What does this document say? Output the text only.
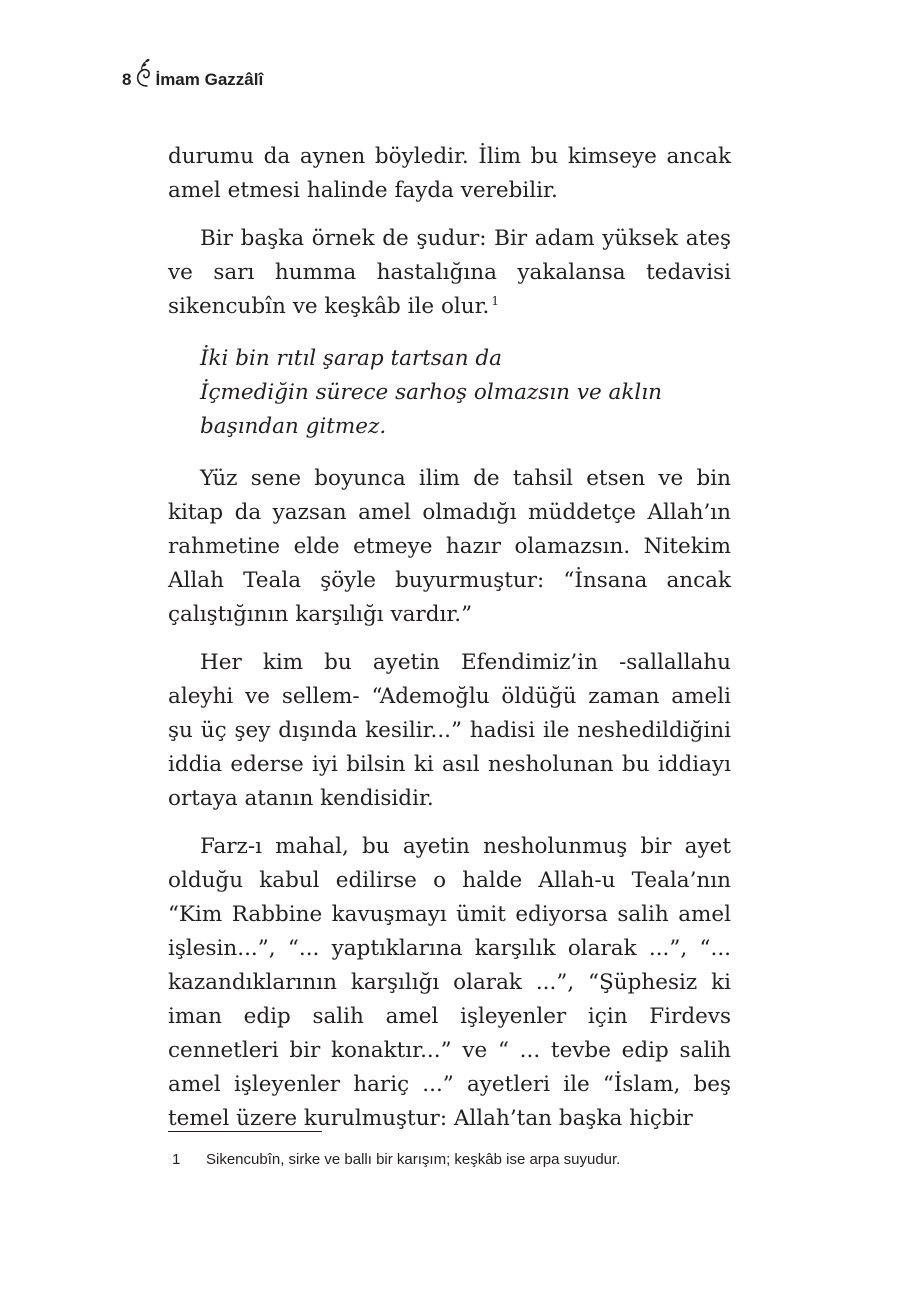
8 İmam Gazzâlî

durumu da aynen böyledir. İlim bu kimseye ancak amel etmesi halinde fayda verebilir.

Bir başka örnek de şudur: Bir adam yüksek ateş ve sarı humma hastalığına yakalansa tedavisi sikencubîn ve keşkâb ile olur. $^1$

İki bin rıtıl şarap tartsan da
İçmediğin sürece sarhoş olmazsın ve aklın
başından gitmez.

Yüz sene boyunca ilim de tahsil etsen ve bin kitap da yazsan amel olmadığı müddetçe Allah’ın rahmetine elde etmeye hazır olamazsın. Nitekim Allah Teala şöyle buyurmuştur: “İnsana ancak çalıştığının karşılığı vardır.”

Her kim bu ayetin Efendimiz’in -sallallahu aleyhi ve sellem- “Ademoğlu öldüğü zaman ameli şu üç şey dışında kesilir...” hadisi ile neshedildiğini iddia ederse iyi bilsin ki asıl nesholunan bu iddiayı ortaya atanın kendisidir.

Farz-ı mahal, bu ayetin nesholunmuş bir ayet olduğu kabul edilirse o halde Allah-u Teala’nın “Kim Rabbine kavuşmayı ümit ediyorsa salih amel işlesin...”, “... yaptıklarına karşılık olarak ...”, “... kazandıklarının karşılığı olarak ...”, “Şüphesiz ki iman edip salih amel işleyenler için Firdevs cennetleri bir konaktır...” ve “ ... tevbe edip salih amel işleyenler hariç ...” ayetleri ile “İslam, beş temel üzere kurulmuştur: Allah’tan başka hiçbir

1	Sikencubîn, sirke ve ballı bir karışım; keşkâb ise arpa suyudur.
